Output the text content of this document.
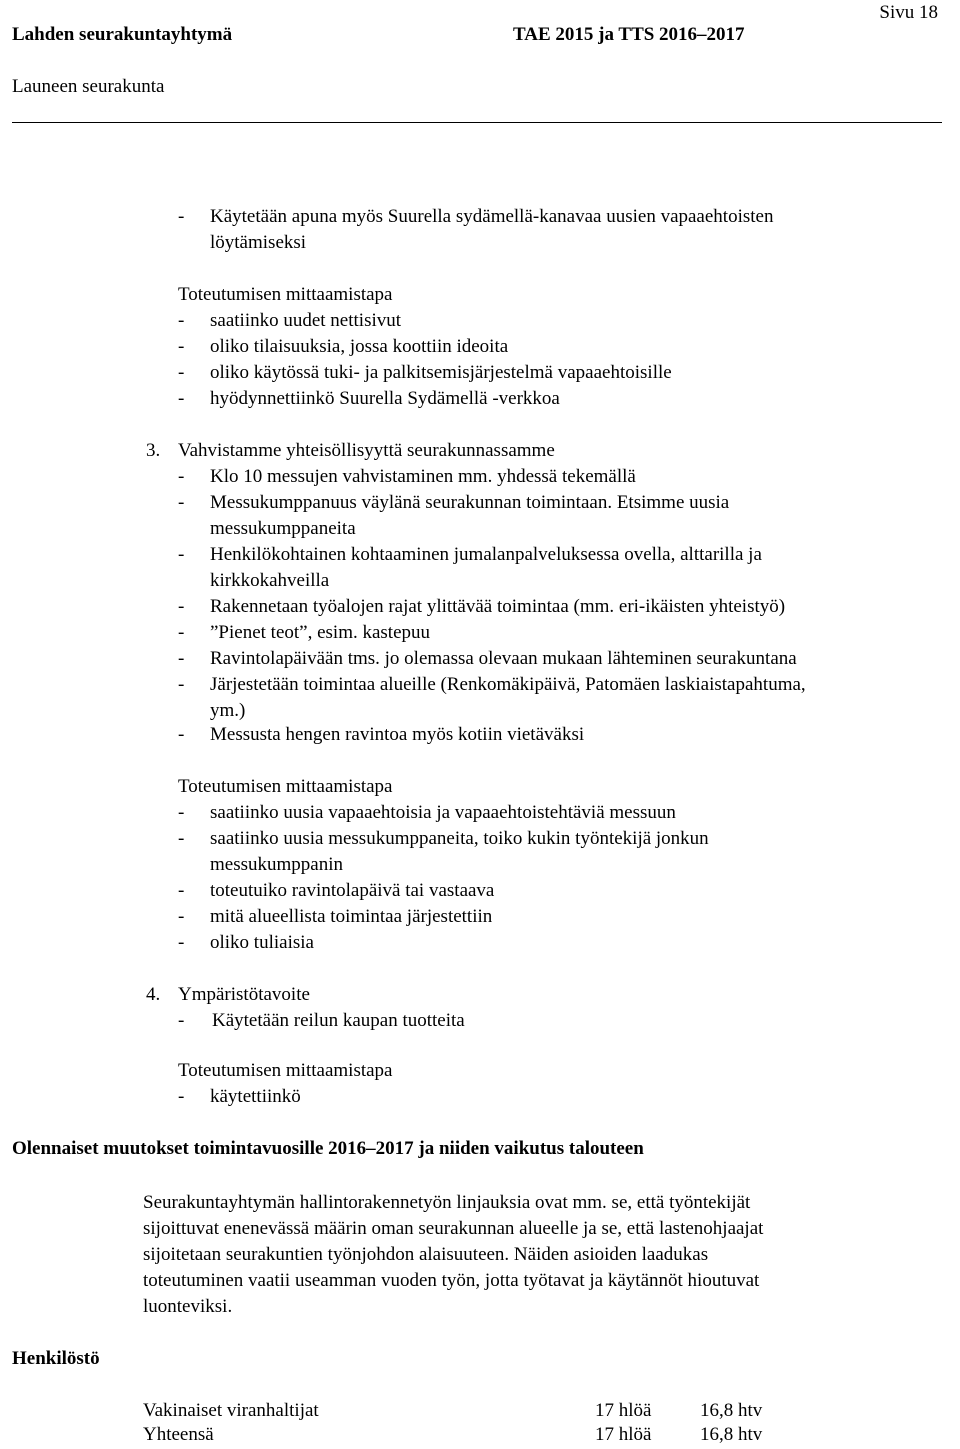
Sivu 18
Lahden seurakuntayhtymä	TAE 2015 ja TTS 2016–2017
Launeen seurakunta
- Käytetään apuna myös Suurella sydämellä-kanavaa uusien vapaaehtoisten
löytämiseksi
Toteutumisen mittaamistapa
- saatiinko uudet nettisivut
- oliko tilaisuuksia, jossa koottiin ideoita
- oliko käytössä tuki- ja palkitsemisjärjestelmä vapaaehtoisille
- hyödynnettiinkö Suurella Sydämellä -verkkoa
3. Vahvistamme yhteisöllisyyttä seurakunnassamme
- Klo 10 messujen vahvistaminen mm. yhdessä tekemällä
- Messukumppanuus väylänä seurakunnan toimintaan. Etsimme uusia
messukumppaneita
- Henkilökohtainen kohtaaminen jumalanpalveluksessa ovella, alttarilla ja
kirkkokahveilla
- Rakennetaan työalojen rajat ylittävää toimintaa (mm. eri-ikäisten yhteistyö)
- ”Pienet teot”, esim. kastepuu
- Ravintolapäivään tms. jo olemassa olevaan mukaan lähteminen seurakuntana
- Järjestetään toimintaa alueille (Renkomäkipäivä, Patomäen laskiaistapahtuma,
ym.)
- Messusta hengen ravintoa myös kotiin vietäväksi
Toteutumisen mittaamistapa
- saatiinko uusia vapaaehtoisia ja vapaaehtoistehtäviä messuun
- saatiinko uusia messukumppaneita, toiko kukin työntekijä jonkun
messukumppanin
- toteutuiko ravintolapäivä tai vastaava
- mitä alueellista toimintaa järjestettiin
- oliko tuliaisia
4. Ympäristötavoite
- Käytetään reilun kaupan tuotteita
Toteutumisen mittaamistapa
- käytettiinkö
Olennaiset muutokset toimintavuosille 2016–2017 ja niiden vaikutus talouteen
Seurakuntayhtymän hallintorakennetyön linjauksia ovat mm. se, että työntekijät
sijoittuvat enenevässä määrin oman seurakunnan alueelle ja se, että lastenohjaajat
sijoitetaan seurakuntien työnjohdon alaisuuteen. Näiden asioiden laadukas
toteutuminen vaatii useamman vuoden työn, jotta työtavat ja käytännöt hioutuvat
luonteviksi.
Henkilöstö
Vakinaiset viranhaltijat	17 hlöä	16,8 htv
Yhteensä	17 hlöä	16,8 htv
